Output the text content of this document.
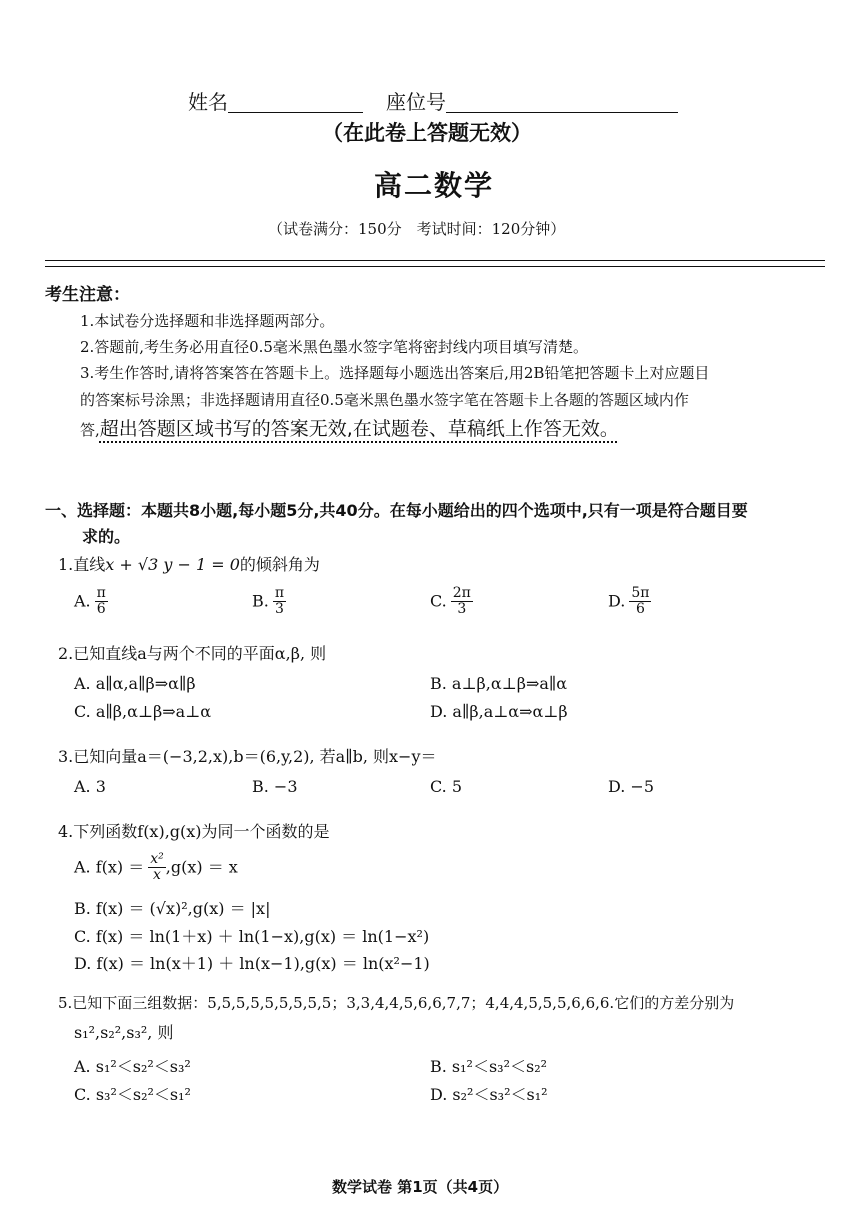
姓名	座位号
（在此卷上答题无效）
高二数学
（试卷满分：150分　考试时间：120分钟）
考生注意：
1.本试卷分选择题和非选择题两部分。
2.答题前,考生务必用直径0.5毫米黑色墨水签字笔将密封线内项目填写清楚。
3.考生作答时,请将答案答在答题卡上。选择题每小题选出答案后,用2B铅笔把答题卡上对应题目
的答案标号涂黑；非选择题请用直径0.5毫米黑色墨水签字笔在答题卡上各题的答题区域内作
答,超出答题区域书写的答案无效,在试题卷、草稿纸上作答无效。
一、选择题：本题共8小题,每小题5分,共40分。在每小题给出的四个选项中,只有一项是符合题目要
求的。
1.直线x + √3 y − 1 = 0的倾斜角为
A. $\frac{\pi}{6}$	B. $\frac{\pi}{3}$	C. $\frac{2\pi}{3}$	D. $\frac{5\pi}{6}$
2.已知直线a与两个不同的平面α,β, 则
A. a∥α,a∥β⇒α∥β	B. a⊥β,α⊥β⇒a∥α
C. a∥β,α⊥β⇒a⊥α	D. a∥β,a⊥α⇒α⊥β
3.已知向量a＝(−3,2,x),b＝(6,y,2), 若a∥b, 则x−y＝
A. 3	B. −3	C. 5	D. −5
4.下列函数f(x),g(x)为同一个函数的是
A. $f(x) = \frac{\text{x²}}{x} ,g(x) = x$
B. f(x) ＝ (√x)²,g(x) ＝ |x|
C. f(x) ＝ ln(1＋x) ＋ ln(1−x),g(x) ＝ ln(1−x²)
D. f(x) ＝ ln(x＋1) ＋ ln(x−1),g(x) ＝ ln(x²−1)
5.已知下面三组数据：5,5,5,5,5,5,5,5,5；3,3,4,4,5,6,6,7,7；4,4,4,5,5,5,6,6,6.它们的方差分别为
s₁²,s₂²,s₃², 则
A. s₁²＜s₂²＜s₃²	B. s₁²＜s₃²＜s₂²
C. s₃²＜s₂²＜s₁²	D. s₂²＜s₃²＜s₁²
数学试卷 第1页（共4页）
